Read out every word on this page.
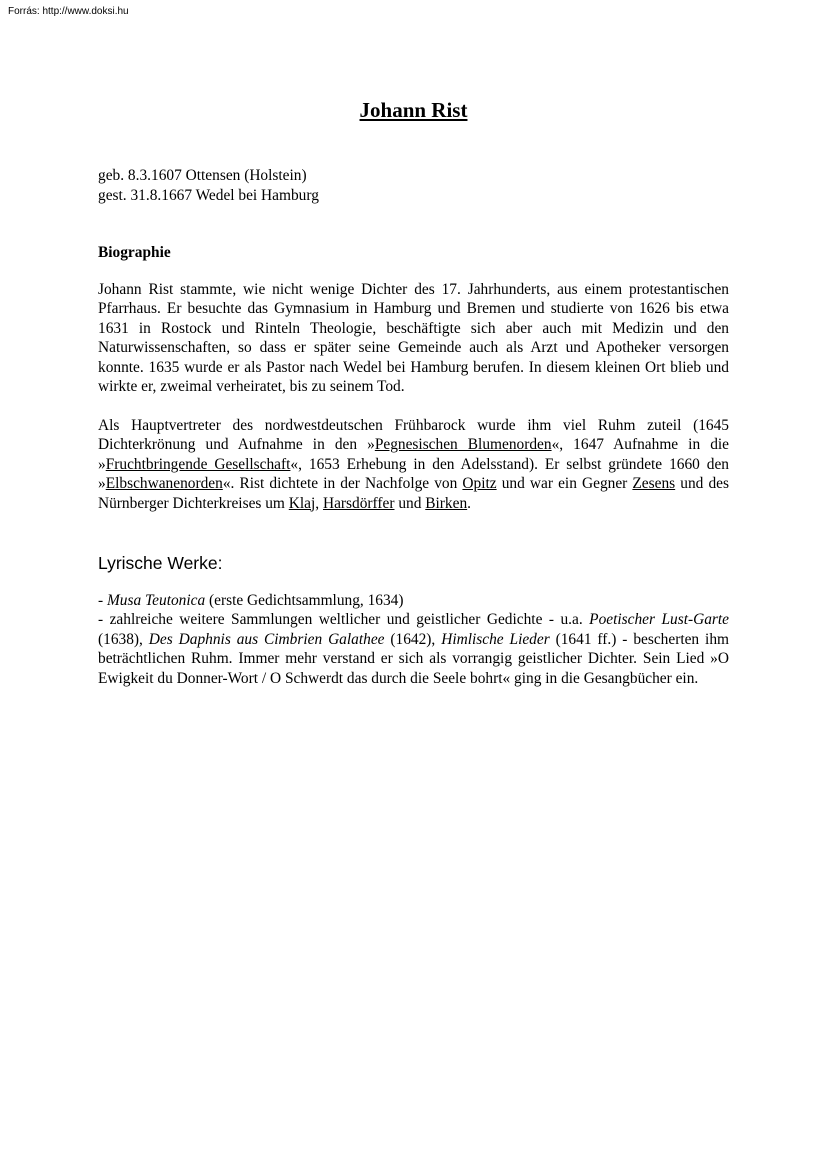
Forrás: http://www.doksi.hu
Johann Rist

geb. 8.3.1607 Ottensen (Holstein)

gest. 31.8.1667 Wedel bei Hamburg

Biographie

Johann Rist stammte, wie nicht wenige Dichter des 17. Jahrhunderts, aus einem protestantischen Pfarrhaus. Er besuchte das Gymnasium in Hamburg und Bremen und studierte von 1626 bis etwa 1631 in Rostock und Rinteln Theologie, beschäftigte sich aber auch mit Medizin und den Naturwissenschaften, so dass er später seine Gemeinde auch als Arzt und Apotheker versorgen konnte. 1635 wurde er als Pastor nach Wedel bei Hamburg berufen. In diesem kleinen Ort blieb und wirkte er, zweimal verheiratet, bis zu seinem Tod.

Als Hauptvertreter des nordwestdeutschen Frühbarock wurde ihm viel Ruhm zuteil (1645 Dichterkrönung und Aufnahme in den »Pegnesischen Blumenorden«, 1647 Aufnahme in die »Fruchtbringende Gesellschaft«, 1653 Erhebung in den Adelsstand). Er selbst gründete 1660 den »Elbschwanenorden«. Rist dichtete in der Nachfolge von Opitz und war ein Gegner Zesens und des Nürnberger Dichterkreises um Klaj, Harsdörffer und Birken.

Lyrische Werke:

- Musa Teutonica (erste Gedichtsammlung, 1634)

- zahlreiche weitere Sammlungen weltlicher und geistlicher Gedichte - u.a. Poetischer Lust-Garte (1638), Des Daphnis aus Cimbrien Galathee (1642), Himlische Lieder (1641 ff.) - bescherten ihm beträchtlichen Ruhm. Immer mehr verstand er sich als vorrangig geistlicher Dichter. Sein Lied »O Ewigkeit du Donner-Wort / O Schwerdt das durch die Seele bohrt« ging in die Gesangbücher ein.
